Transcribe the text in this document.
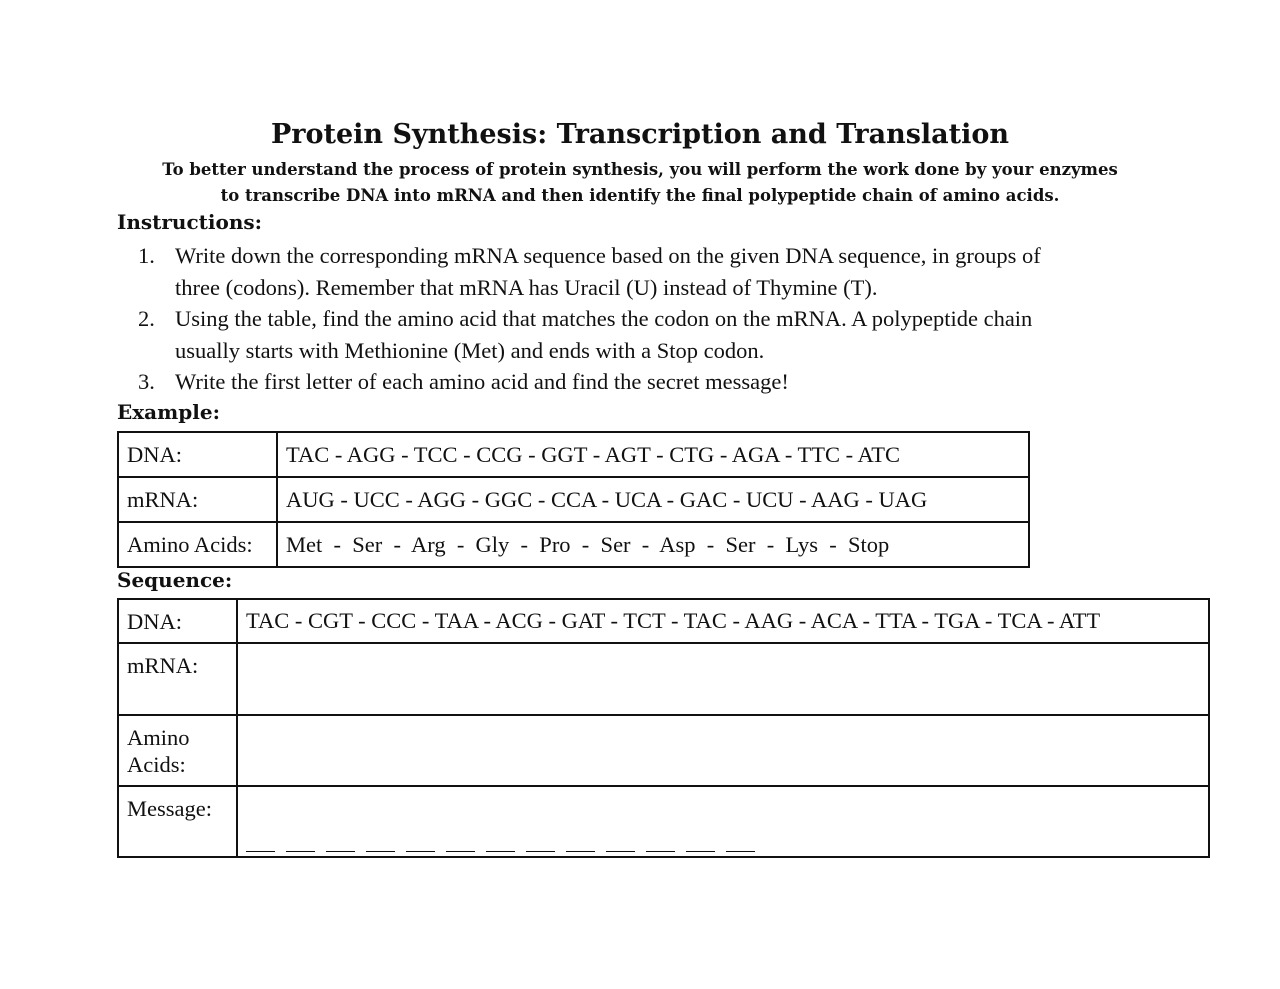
Protein Synthesis: Transcription and Translation
To better understand the process of protein synthesis, you will perform the work done by your enzymes
to transcribe DNA into mRNA and then identify the final polypeptide chain of amino acids.
Instructions:
1. Write down the corresponding mRNA sequence based on the given DNA sequence, in groups of
three (codons). Remember that mRNA has Uracil (U) instead of Thymine (T).
2. Using the table, find the amino acid that matches the codon on the mRNA. A polypeptide chain
usually starts with Methionine (Met) and ends with a Stop codon.
3. Write the first letter of each amino acid and find the secret message!
Example:
DNA:	TAC - AGG - TCC - CCG - GGT - AGT - CTG - AGA - TTC - ATC
mRNA:	AUG - UCC - AGG - GGC - CCA - UCA - GAC - UCU - AAG - UAG
Amino Acids:	Met  -  Ser  -  Arg  -  Gly  -  Pro  -  Ser  -  Asp  -  Ser  -  Lys  -  Stop
Sequence:
DNA:	TAC - CGT - CCC - TAA - ACG - GAT - TCT - TAC - AAG - ACA - TTA - TGA - TCA - ATT
mRNA:	
Amino
Acids:	
Message:	
